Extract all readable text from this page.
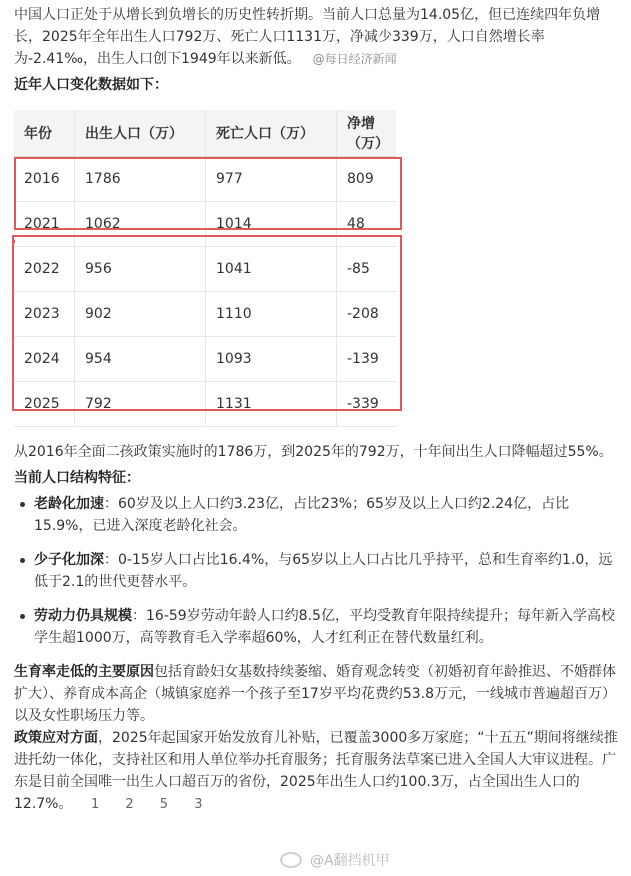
中国人口正处于从增长到负增长的历史性转折期。当前人口总量为14.05亿，但已连续四年负增长，2025年全年出生人口792万、死亡人口1131万，净减少339万，人口自然增长率为-2.41‰，出生人口创下1949年以来新低。 @每日经济新闻

近年人口变化数据如下：

年份	出生人口（万）	死亡人口（万）	净增（万）
2016	1786	977	809
2021	1062	1014	48
2022	956	1041	-85
2023	902	1110	-208
2024	954	1093	-139
2025	792	1131	-339

从2016年全面二孩政策实施时的1786万，到2025年的792万，十年间出生人口降幅超过55%。

当前人口结构特征：

老龄化加速：60岁及以上人口约3.23亿，占比23%；65岁及以上人口约2.24亿，占比15.9%，已进入深度老龄化社会。
少子化加深：0-15岁人口占比16.4%，与65岁以上人口占比几乎持平，总和生育率约1.0，远低于2.1的世代更替水平。
劳动力仍具规模：16-59岁劳动年龄人口约8.5亿，平均受教育年限持续提升；每年新入学高校学生超1000万，高等教育毛入学率超60%，人才红利正在替代数量红利。

生育率走低的主要原因包括育龄妇女基数持续萎缩、婚育观念转变（初婚初育年龄推迟、不婚群体扩大）、养育成本高企（城镇家庭养一个孩子至17岁平均花费约53.8万元，一线城市普遍超百万）以及女性职场压力等。

政策应对方面，2025年起国家开始发放育儿补贴，已覆盖3000多万家庭；“十五五”期间将继续推进托幼一体化，支持社区和用人单位举办托育服务；托育服务法草案已进入全国人大审议进程。广东是目前全国唯一出生人口超百万的省份，2025年出生人口约100.3万，占全国出生人口的12.7%。 1 2 5 3

@A翻挡机甲
